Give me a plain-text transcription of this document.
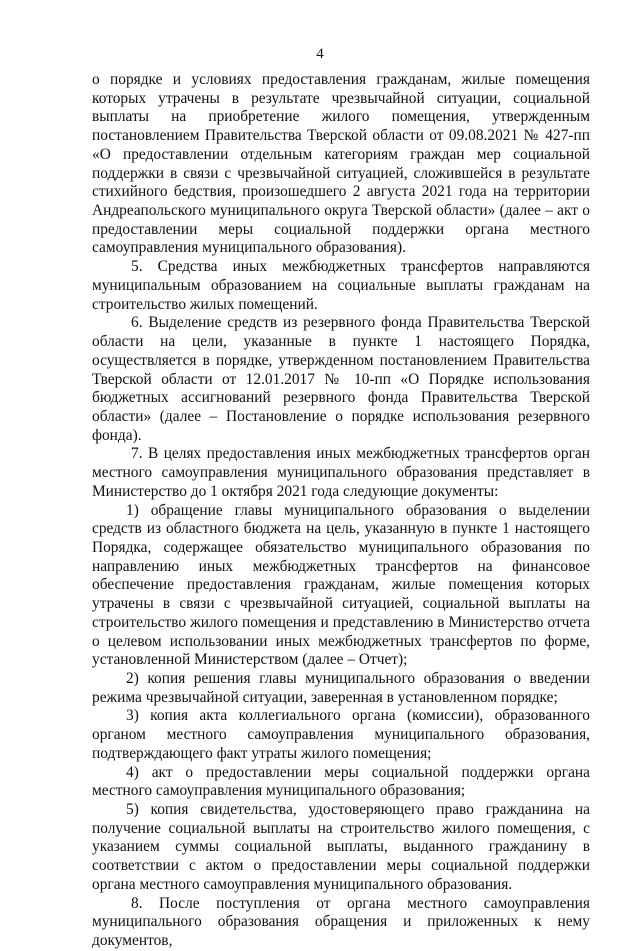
4

о порядке и условиях предоставления гражданам, жилые помещения которых утрачены в результате чрезвычайной ситуации, социальной выплаты на приобретение жилого помещения, утвержденным постановлением Правительства Тверской области от 09.08.2021 № 427-пп «О предоставлении отдельным категориям граждан мер социальной поддержки в связи с чрезвычайной ситуацией, сложившейся в результате стихийного бедствия, произошедшего 2 августа 2021 года на территории Андреапольского муниципального округа Тверской области» (далее – акт о предоставлении меры социальной поддержки органа местного самоуправления муниципального образования).

5. Средства иных межбюджетных трансфертов направляются муниципальным образованием на социальные выплаты гражданам на строительство жилых помещений.

6. Выделение средств из резервного фонда Правительства Тверской области на цели, указанные в пункте 1 настоящего Порядка, осуществляется в порядке, утвержденном постановлением Правительства Тверской области от 12.01.2017 № 10-пп «О Порядке использования бюджетных ассигнований резервного фонда Правительства Тверской области» (далее – Постановление о порядке использования резервного фонда).

7. В целях предоставления иных межбюджетных трансфертов орган местного самоуправления муниципального образования представляет в Министерство до 1 октября 2021 года следующие документы:

1) обращение главы муниципального образования о выделении средств из областного бюджета на цель, указанную в пункте 1 настоящего Порядка, содержащее обязательство муниципального образования по направлению иных межбюджетных трансфертов на финансовое обеспечение предоставления гражданам, жилые помещения которых утрачены в связи с чрезвычайной ситуацией, социальной выплаты на строительство жилого помещения и представлению в Министерство отчета о целевом использовании иных межбюджетных трансфертов по форме, установленной Министерством (далее – Отчет);

2) копия решения главы муниципального образования о введении режима чрезвычайной ситуации, заверенная в установленном порядке;

3) копия акта коллегиального органа (комиссии), образованного органом местного самоуправления муниципального образования, подтверждающего факт утраты жилого помещения;

4) акт о предоставлении меры социальной поддержки органа местного самоуправления муниципального образования;

5) копия свидетельства, удостоверяющего право гражданина на получение социальной выплаты на строительство жилого помещения, с указанием суммы социальной выплаты, выданного гражданину в соответствии с актом о предоставлении меры социальной поддержки органа местного самоуправления муниципального образования.

8. После поступления от органа местного самоуправления муниципального образования обращения и приложенных к нему документов,
